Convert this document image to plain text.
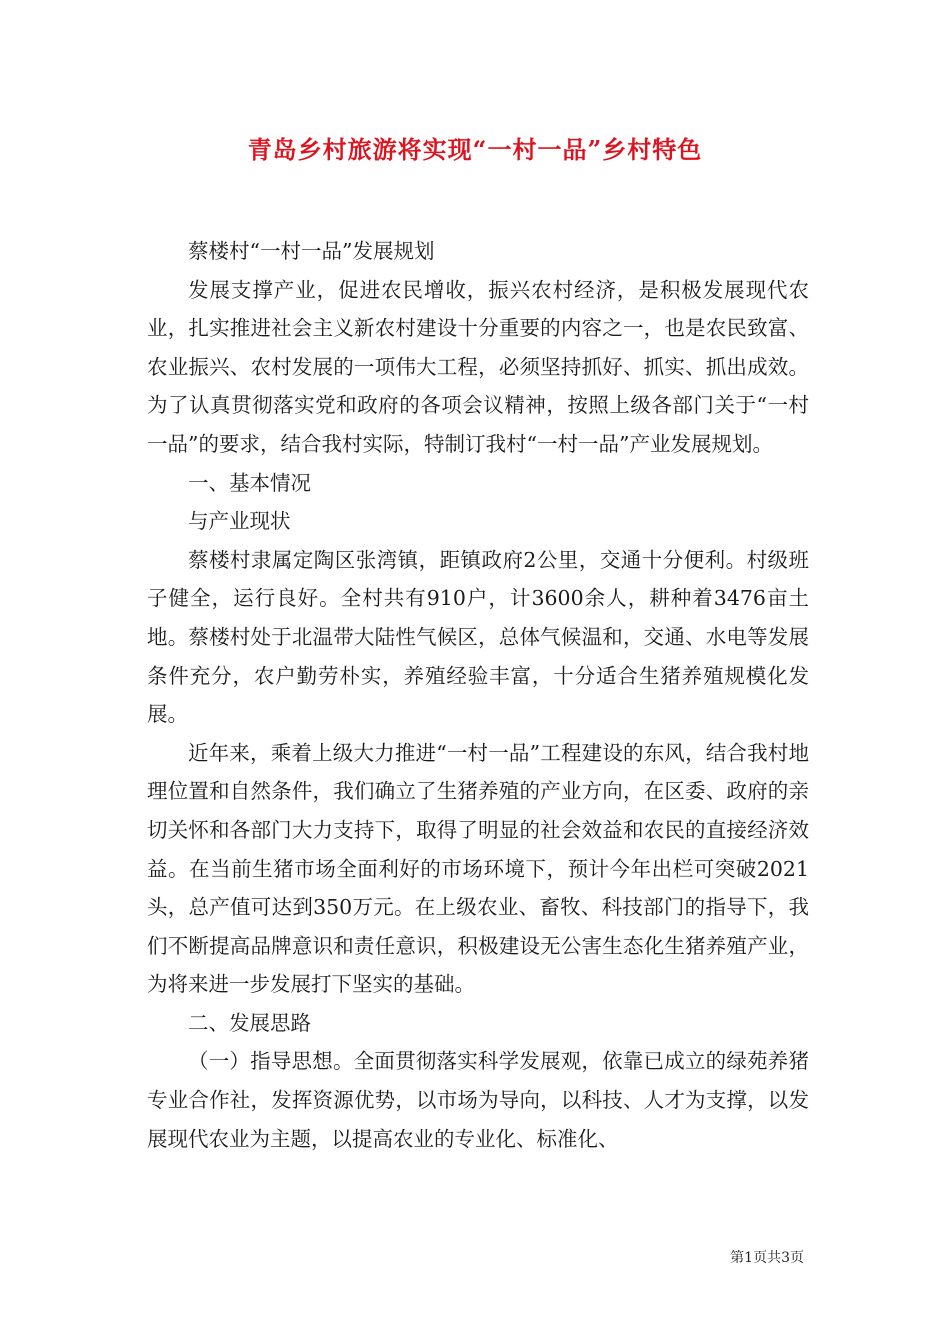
青岛乡村旅游将实现“一村一品”乡村特色

蔡楼村“一村一品”发展规划

发展支撑产业，促进农民增收，振兴农村经济，是积极发展现代农业，扎实推进社会主义新农村建设十分重要的内容之一，也是农民致富、农业振兴、农村发展的一项伟大工程，必须坚持抓好、抓实、抓出成效。为了认真贯彻落实党和政府的各项会议精神，按照上级各部门关于“一村一品”的要求，结合我村实际，特制订我村“一村一品”产业发展规划。

一、基本情况

与产业现状

蔡楼村隶属定陶区张湾镇，距镇政府2公里，交通十分便利。村级班子健全，运行良好。全村共有910户，计3600余人，耕种着3476亩土地。蔡楼村处于北温带大陆性气候区，总体气候温和，交通、水电等发展条件充分，农户勤劳朴实，养殖经验丰富，十分适合生猪养殖规模化发展。

近年来，乘着上级大力推进“一村一品”工程建设的东风，结合我村地理位置和自然条件，我们确立了生猪养殖的产业方向，在区委、政府的亲切关怀和各部门大力支持下，取得了明显的社会效益和农民的直接经济效益。在当前生猪市场全面利好的市场环境下，预计今年出栏可突破2021头，总产值可达到350万元。在上级农业、畜牧、科技部门的指导下，我们不断提高品牌意识和责任意识，积极建设无公害生态化生猪养殖产业，为将来进一步发展打下坚实的基础。

二、发展思路

（一）指导思想。全面贯彻落实科学发展观，依靠已成立的绿苑养猪专业合作社，发挥资源优势，以市场为导向，以科技、人才为支撑，以发展现代农业为主题，以提高农业的专业化、标准化、

第1页共3页
